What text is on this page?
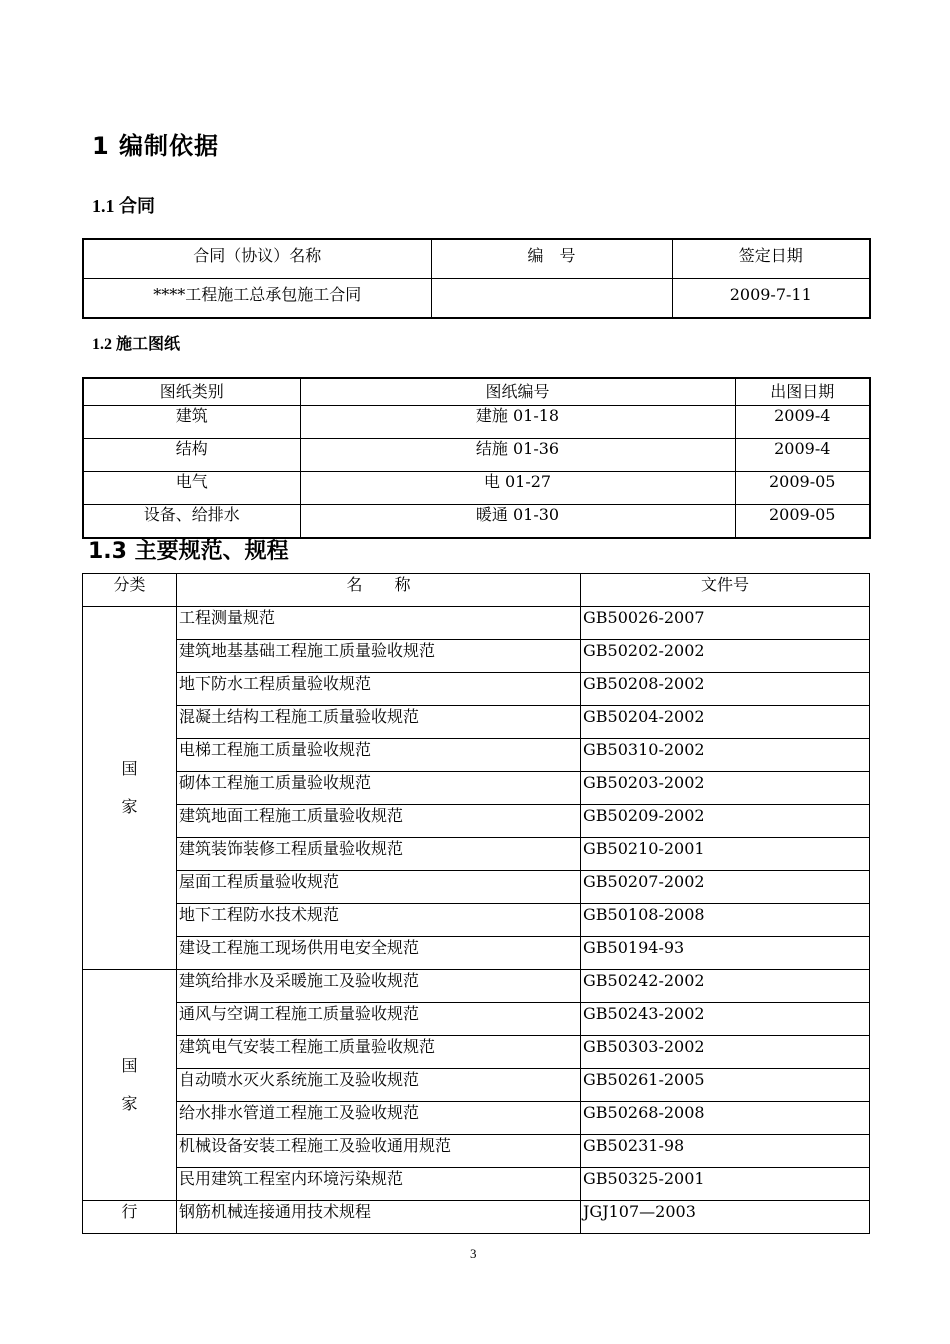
1 编制依据
1.1 合同
合同（协议）名称	编　号	签定日期
****工程施工总承包施工合同		2009-7-11
1.2 施工图纸
图纸类别	图纸编号	出图日期
建筑	建施 01-18	2009-4
结构	结施 01-36	2009-4
电气	电 01-27	2009-05
设备、给排水	暖通 01-30	2009-05
1.3 主要规范、规程
分类	名　　称	文件号

国
家	工程测量规范	GB50026-2007
	建筑地基基础工程施工质量验收规范	GB50202-2002
	地下防水工程质量验收规范	GB50208-2002
	混凝土结构工程施工质量验收规范	GB50204-2002
	电梯工程施工质量验收规范	GB50310-2002
	砌体工程施工质量验收规范	GB50203-2002
	建筑地面工程施工质量验收规范	GB50209-2002
	建筑装饰装修工程质量验收规范	GB50210-2001
	屋面工程质量验收规范	GB50207-2002
	地下工程防水技术规范	GB50108-2008
	建设工程施工现场供用电安全规范	GB50194-93

国
家	建筑给排水及采暖施工及验收规范	GB50242-2002
	通风与空调工程施工质量验收规范	GB50243-2002
	建筑电气安装工程施工质量验收规范	GB50303-2002
	自动喷水灭火系统施工及验收规范	GB50261-2005
	给水排水管道工程施工及验收规范	GB50268-2008
	机械设备安装工程施工及验收通用规范	GB50231-98
	民用建筑工程室内环境污染规范	GB50325-2001
行	钢筋机械连接通用技术规程	JGJ107—2003
3
